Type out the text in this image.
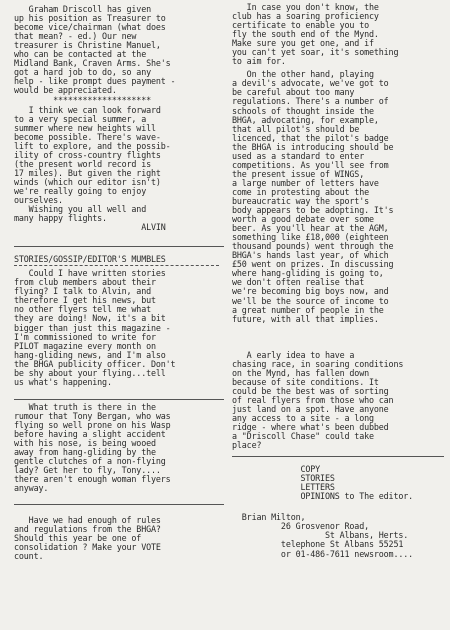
Graham Driscoll has given
up his position as Treasurer to
become vice/chairman (what does
that mean? - ed.) Our new
treasurer is Christine Manuel,
who can be contacted at the
Midland Bank, Craven Arms. She's
got a hard job to do, so any
help - like prompt dues payment -
would be appreciated.

********************

I think we can look forward
to a very special summer, a
summer where new heights will
become possible. There's wave-
lift to explore, and the possib-
ility of cross-country flights
(the present world record is
17 miles). But given the right
winds (which our editor isn't)
we're really going to enjoy
ourselves.
Wishing you all well and
many happy flights.
ALVIN

STORIES/GOSSIP/EDITOR'S MUMBLES

Could I have written stories
from club members about their
flying? I talk to Alvin, and
therefore I get his news, but
no other flyers tell me what
they are doing! Now, it's a bit
bigger than just this magazine -
I'm commissioned to write for
PILOT magazine every month on
hang-gliding news, and I'm also
the BHGA publicity officer. Don't
be shy about your flying...tell
us what's happening.

What truth is there in the
rumour that Tony Bergan, who was
flying so well prone on his Wasp
before having a slight accident
with his nose, is being wooed
away from hang-gliding by the
gentle clutches of a non-flying
lady? Get her to fly, Tony....
there aren't enough woman flyers
anyway.

Have we had enough of rules
and regulations from the BHGA?
Should this year be one of
consolidation ? Make your VOTE
count.

In case you don't know, the
club has a soaring proficiency
certificate to enable you to
fly the south end of the Mynd.
Make sure you get one, and if
you can't yet soar, it's something
to aim for.

On the other hand, playing
a devil's advocate, we've got to
be careful about too many
regulations. There's a number of
schools of thought inside the
BHGA, advocating, for example,
that all pilot's should be
licenced, that the pilot's badge
the BHGA is introducing should be
used as a standard to enter
competitions. As you'll see from
the present issue of WINGS,
a large number of letters have
come in protesting about the
bureaucratic way the sport's
body appears to be adopting. It's
worth a good debate over some
beer. As you'll hear at the AGM,
something like £18,000 (eighteen
thousand pounds) went through the
BHGA's hands last year, of which
£50 went on prizes. In discussing
where hang-gliding is going to,
we don't often realise that
we're becoming big boys now, and
we'll be the source of income to
a great number of people in the
future, with all that implies.

A early idea to have a
chasing race, in soaring conditions
on the Mynd, has fallen down
because of site conditions. It
could be the best was of sorting
of real flyers from those who can
just land on a spot. Have anyone
any access to a site - a long
ridge - where what's been dubbed
a "Driscoll Chase" could take
place?

COPY
STORIES
LETTERS
OPINIONS to The editor.

Brian Milton,
26 Grosvenor Road,
St Albans, Herts.
telephone St Albans 55251
or 01-486-7611 newsroom....
